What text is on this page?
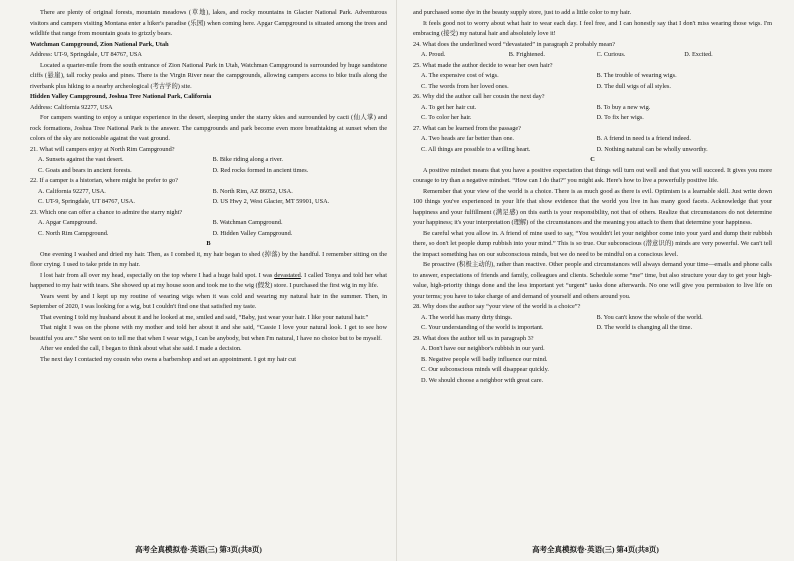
There are plenty of original forests, mountain meadows (草地), lakes, and rocky mountains in Glacier National Park. Adventurous visitors and campers visiting Montana enter a hiker's paradise (乐园) when coming here. Apgar Campground is situated among the trees and wildlife that range from mountain goats to grizzly bears.

Watchman Campground, Zion National Park, Utah

Address: UT-9, Springdale, UT 84767, USA

Located a quarter-mile from the south entrance of Zion National Park in Utah, Watchman Campground is surrounded by huge sandstone cliffs (悬崖), tall rocky peaks and pines. There is the Virgin River near the campgrounds, allowing campers access to bike trails along the riverbank plus hiking to a nearby archeological (考古学的) site.

Hidden Valley Campground, Joshua Tree National Park, California

Address: California 92277, USA

For campers wanting to enjoy a unique experience in the desert, sleeping under the starry skies and surrounded by cacti (仙人掌) and rock formations, Joshua Tree National Park is the answer. The campgrounds and park become even more breathtaking at sunset when the colors of the sky are noticeable against the vast ground.

21. What will campers enjoy at North Rim Campground?

A. Sunsets against the vast desert.	B. Bike riding along a river.
C. Goats and bears in ancient forests.	D. Red rocks formed in ancient times.

22. If a camper is a historian, where might he prefer to go?

A. California 92277, USA.	B. North Rim, AZ 86052, USA.
C. UT-9, Springdale, UT 84767, USA.	D. US Hwy 2, West Glacier, MT 59901, USA.

23. Which one can offer a chance to admire the starry night?

A. Apgar Campground.	B. Watchman Campground.
C. North Rim Campground.	D. Hidden Valley Campground.

B

One evening I washed and dried my hair. Then, as I combed it, my hair began to shed (掉落) by the handful. I remember sitting on the floor crying. I used to take pride in my hair.

I lost hair from all over my head, especially on the top where I had a huge bald spot. I was devastated. I called Tonya and told her what happened to my hair with tears. She showed up at my house soon and took me to the wig (假发) store. I purchased the first wig in my life.

Years went by and I kept up my routine of wearing wigs when it was cold and wearing my natural hair in the summer. Then, in September of 2020, I was looking for a wig, but I couldn't find one that satisfied my taste.

That evening I told my husband about it and he looked at me, smiled and said, “Baby, just wear your hair. I like your natural hair.”

That night I was on the phone with my mother and told her about it and she said, “Cassie I love your natural look. I get to see how beautiful you are.” She went on to tell me that when I wear wigs, I can be anybody, but when I'm natural, I have no choice but to be myself.

After we ended the call, I began to think about what she said. I made a decision.

The next day I contacted my cousin who owns a barbershop and set an appointment. I got my hair cut

高考全真模拟卷·英语(三) 第3页(共8页)

and purchased some dye in the beauty supply store, just to add a little color to my hair.

It feels good not to worry about what hair to wear each day. I feel free, and I can honestly say that I don't miss wearing those wigs. I'm embracing (接受) my natural hair and absolutely love it!

24. What does the underlined word “devastated” in paragraph 2 probably mean?

A. Proud.	B. Frightened.	C. Curious.	D. Excited.

25. What made the author decide to wear her own hair?

A. The expensive cost of wigs.	B. The trouble of wearing wigs.
C. The words from her loved ones.	D. The dull wigs of all styles.

26. Why did the author call her cousin the next day?

A. To get her hair cut.	B. To buy a new wig.
C. To color her hair.	D. To fix her wigs.

27. What can be learned from the passage?

A. Two heads are far better than one.	B. A friend in need is a friend indeed.
C. All things are possible to a willing heart.	D. Nothing natural can be wholly unworthy.

C

A positive mindset means that you have a positive expectation that things will turn out well and that you will succeed. It gives you more courage to try than a negative mindset. “How can I do that?” you might ask. Here's how to live a powerfully positive life.

Remember that your view of the world is a choice. There is as much good as there is evil. Optimism is a learnable skill. Just write down 100 things you've experienced in your life that show evidence that the world you live in has many good facets. Acknowledge that your happiness and your fulfillment (满足感) on this earth is your responsibility, not that of others. Realize that circumstances do not determine your happiness; it's your interpretation (理解) of the circumstances and the meaning you attach to them that determine your happiness.

Be careful what you allow in. A friend of mine used to say, “You wouldn't let your neighbor come into your yard and dump their rubbish there, so don't let people dump rubbish into your mind.” This is so true. Our subconscious (潜意识的) minds are very powerful. We can't tell the impact something has on our subconscious minds, but we do need to be mindful on a conscious level.

Be proactive (积极主动的), rather than reactive. Other people and circumstances will always demand your time—emails and phone calls to answer, expectations of friends and family, colleagues and clients. Schedule some “me” time, but also structure your day to get your high-value, high-priority things done and the less important yet “urgent” tasks done afterwards. No one will give you permission to live life on your terms; you have to take charge of and demand of yourself and others around you.

28. Why does the author say “your view of the world is a choice”?

A. The world has many dirty things.	B. You can't know the whole of the world.
C. Your understanding of the world is important.	D. The world is changing all the time.

29. What does the author tell us in paragraph 3?

A. Don't have our neighbor's rubbish in our yard.
B. Negative people will badly influence our mind.
C. Our subconscious minds will disappear quickly.
D. We should choose a neighbor with great care.
高考全真模拟卷·英语(三) 第4页(共8页)
